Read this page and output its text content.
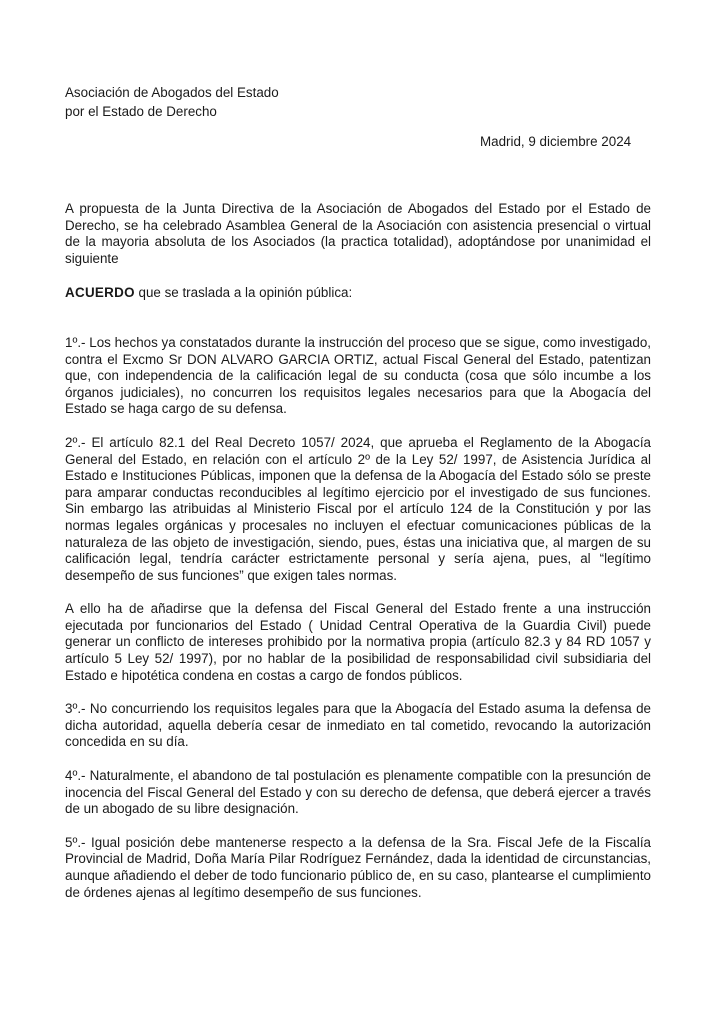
Asociación de Abogados del Estado
por el Estado de Derecho
Madrid, 9 diciembre 2024

A propuesta de la Junta Directiva de la Asociación de Abogados del Estado por el Estado de Derecho, se ha celebrado Asamblea General de la Asociación con asistencia presencial o virtual de la mayoria absoluta de los Asociados (la practica totalidad), adoptándose por unanimidad el siguiente

ACUERDO que se traslada a la opinión pública:

1º.- Los hechos ya constatados durante la instrucción del proceso que se sigue, como investigado, contra el Excmo Sr DON ALVARO GARCIA ORTIZ, actual Fiscal General del Estado, patentizan que, con independencia de la calificación legal de su conducta (cosa que sólo incumbe a los órganos judiciales), no concurren los requisitos legales necesarios para que la Abogacía del Estado se haga cargo de su defensa.

2º.- El artículo 82.1 del Real Decreto 1057/ 2024, que aprueba el Reglamento de la Abogacía General del Estado, en relación con el artículo 2º de la Ley 52/ 1997, de Asistencia Jurídica al Estado e Instituciones Públicas, imponen que la defensa de la Abogacía del Estado sólo se preste para amparar conductas reconducibles al legítimo ejercicio por el investigado de sus funciones. Sin embargo las atribuidas al Ministerio Fiscal por el artículo 124 de la Constitución y por las normas legales orgánicas y procesales no incluyen el efectuar comunicaciones públicas de la naturaleza de las objeto de investigación, siendo, pues, éstas una iniciativa que, al margen de su calificación legal, tendría carácter estrictamente personal y sería ajena, pues, al “legítimo desempeño de sus funciones” que exigen tales normas.

A ello ha de añadirse que la defensa del Fiscal General del Estado frente a una instrucción ejecutada por funcionarios del Estado ( Unidad Central Operativa de la Guardia Civil) puede generar un conflicto de intereses prohibido por la normativa propia (artículo 82.3 y 84 RD 1057 y artículo 5 Ley 52/ 1997), por no hablar de la posibilidad de responsabilidad civil subsidiaria del Estado e hipotética condena en costas a cargo de fondos públicos.

3º.- No concurriendo los requisitos legales para que la Abogacía del Estado asuma la defensa de dicha autoridad, aquella debería cesar de inmediato en tal cometido, revocando la autorización concedida en su día.

4º.- Naturalmente, el abandono de tal postulación es plenamente compatible con la presunción de inocencia del Fiscal General del Estado y con su derecho de defensa, que deberá ejercer a través de un abogado de su libre designación.

5º.- Igual posición debe mantenerse respecto a la defensa de la Sra. Fiscal Jefe de la Fiscalía Provincial de Madrid, Doña María Pilar Rodríguez Fernández, dada la identidad de circunstancias, aunque añadiendo el deber de todo funcionario público de, en su caso, plantearse el cumplimiento de órdenes ajenas al legítimo desempeño de sus funciones.
